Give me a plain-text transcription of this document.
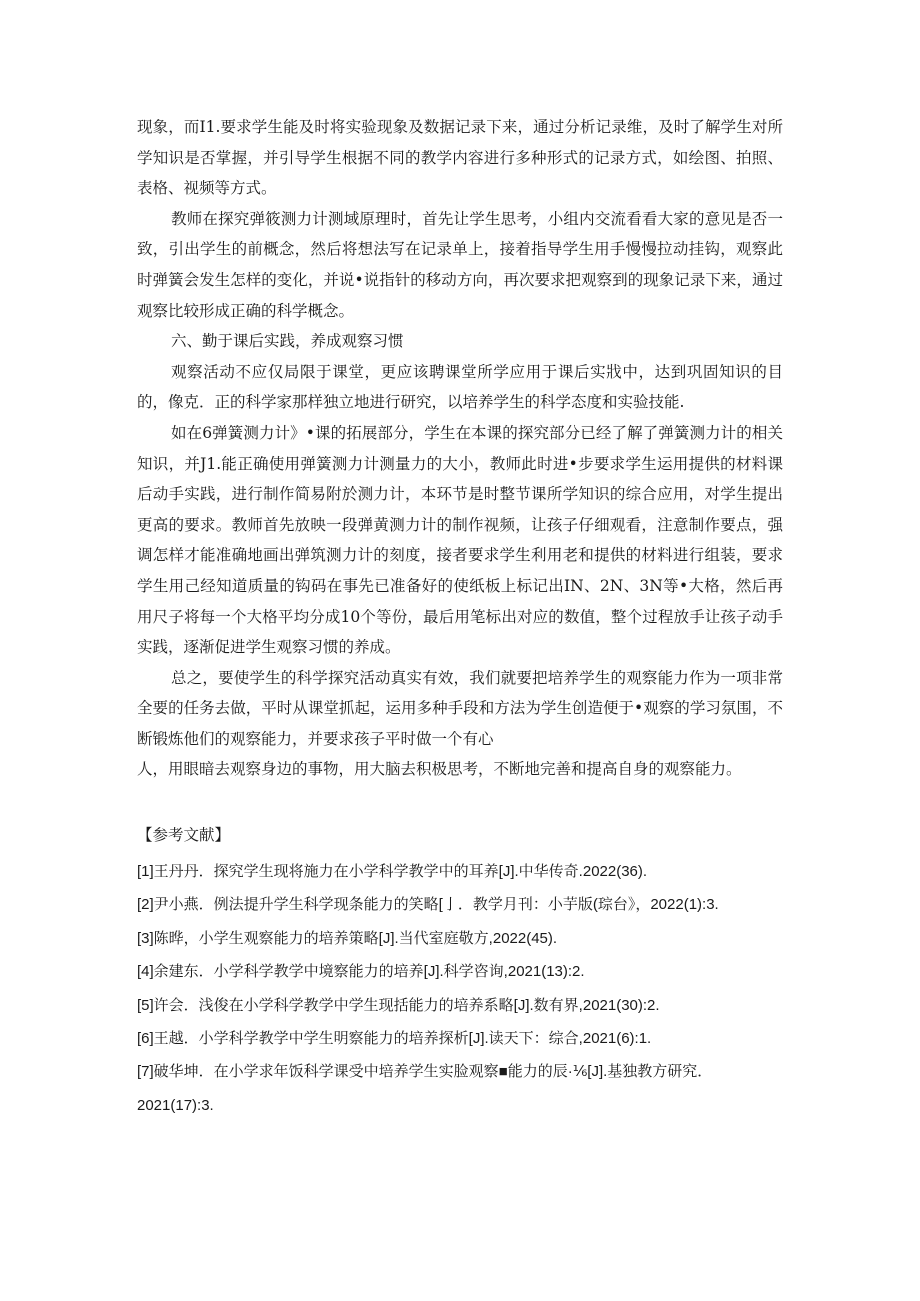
现象，而I1.要求学生能及时将实验现象及数据记录下来，通过分析记录维，及时了解学生对所学知识是否掌握，并引导学生根据不同的教学内容进行多种形式的记录方式，如绘图、拍照、表格、视频等方式。

教师在探究弹筱测力计测域原理时，首先让学生思考，小组内交流看看大家的意见是否一致，引出学生的前概念，然后将想法写在记录单上，接着指导学生用手慢慢拉动挂钩，观察此时弹簧会发生怎样的变化，并说•说指针的移动方向，再次要求把观察到的现象记录下来，通过观察比较形成正确的科学概念。

六、勤于课后实践，养成观察习惯

观察活动不应仅局限于课堂，更应该聘课堂所学应用于课后实戕中，达到巩固知识的目的，像克．正的科学家那样独立地进行研究，以培养学生的科学态度和实验技能.

如在6弹簧测力计》•课的拓展部分，学生在本课的探究部分已经了解了弹簧测力计的相关知识，并J1.能正确使用弹簧测力计测量力的大小，教师此时进•步要求学生运用提供的材料课后动手实践，进行制作简易附於测力计，本环节是时整节课所学知识的综合应用，对学生提出更高的要求。教师首先放映一段弹黄测力计的制作视频，让孩子仔细观看，注意制作要点，强调怎样才能准确地画出弹筑测力计的刻度，接者要求学生利用老和提供的材料进行组装，要求学生用己经知道质量的钩码在事先已准备好的使纸板上标记出IN、2N、3N等•大格，然后再用尺子将每一个大格平均分成10个等份，最后用笔标出对应的数值，整个过程放手让孩子动手实践，逐渐促进学生观察习惯的养成。

总之，要使学生的科学探究活动真实有效，我们就要把培养学生的观察能力作为一项非常全要的任务去做，平时从课堂抓起，运用多种手段和方法为学生创造便于•观察的学习氛围，不断锻炼他们的观察能力，并要求孩子平时做一个有心

人，用眼暗去观察身边的事物，用大脑去积极思考，不断地完善和提高自身的观察能力。

【参考文献】

[1]王丹丹．探究学生现将施力在小学科学教学中的耳养[J].中华传奇.2022(36).

[2]尹小燕．例法提升学生科学现条能力的笑略[亅．教学月刊：小芋版(琮台》，2022(1):3.

[3]陈晔，小学生观察能力的培养策略[J].当代室庭敬方,2022(45).

[4]余建东．小学科学教学中境察能力的培养[J].科学咨询,2021(13):2.

[5]许会．浅俊在小学科学教学中学生现括能力的培养系略[J].数有界,2021(30):2.

[6]王越．小学科学教学中学生明察能力的培养探析[J].读天下：综合,2021(6):1.

[7]破华坤．在小学求年饭科学课受中培养学生实脸观察■能力的辰·⅙[J].基独教方研究．

2021(17):3.
